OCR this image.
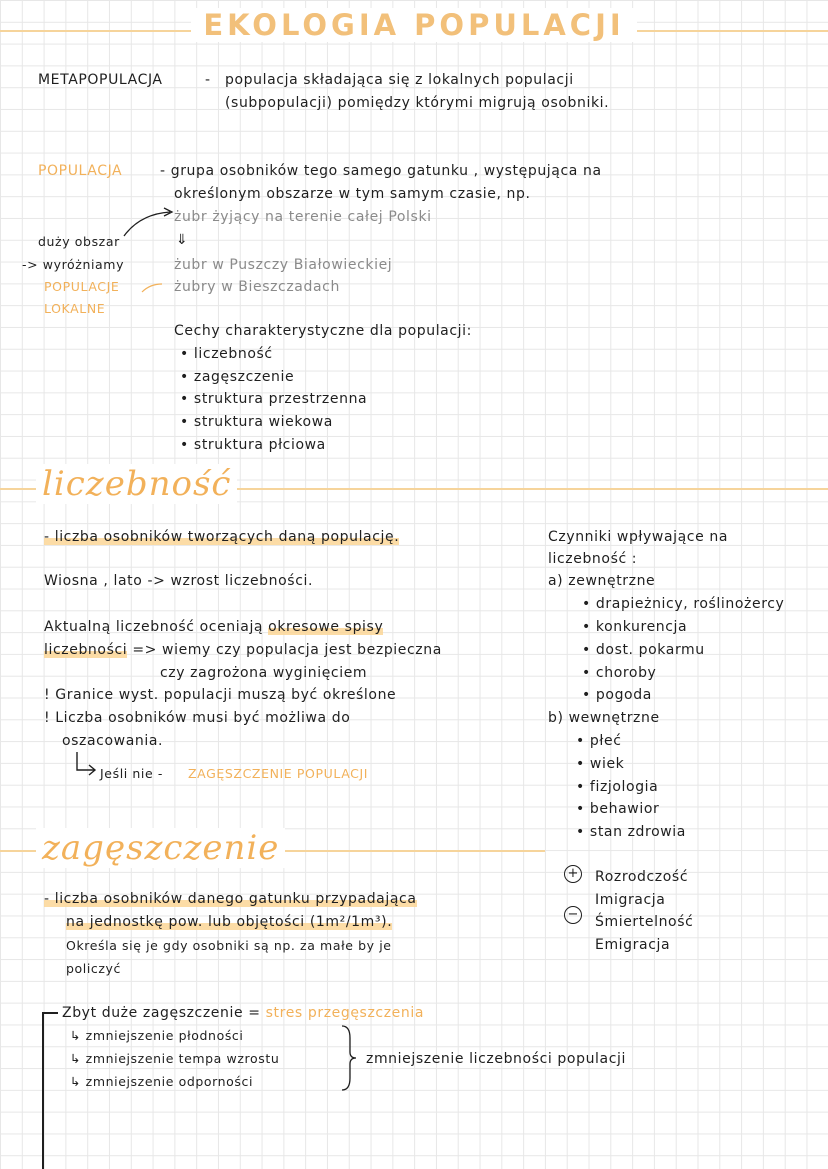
EKOLOGIA POPULACJI
METAPOPULACJA	- populacja składająca się z lokalnych populacji
(subpopulacji) pomiędzy którymi migrują osobniki.
POPULACJA	- grupa osobników tego samego gatunku , występująca na
określonym obszarze w tym samym czasie, np.
żubr żyjący na terenie całej Polski
⇓
duży obszar
-> wyróżniamy	żubr w Puszczy Białowieckiej
POPULACJE	żubry w Bieszczadach
LOKALNE
Cechy charakterystyczne dla populacji:
• liczebność
• zagęszczenie
• struktura przestrzenna
• struktura wiekowa
• struktura płciowa
liczebność
- liczba osobników tworzących daną populację.
Wiosna , lato -> wzrost liczebności.
Aktualną liczebność oceniają okresowe spisy
liczebności => wiemy czy populacja jest bezpieczna
czy zagrożona wyginięciem
! Granice wyst. populacji muszą być określone
! Liczba osobników musi być możliwa do
oszacowania.
Jeśli nie - ZAGĘSZCZENIE POPULACJI
Czynniki wpływające na
liczebność :
a) zewnętrzne
• drapieżnicy, roślinożercy
• konkurencja
• dost. pokarmu
• choroby
• pogoda
b) wewnętrzne
• płeć
• wiek
• fizjologia
• behawior
• stan zdrowia
+ Rozrodczość
Imigracja
− Śmiertelność
Emigracja
zagęszczenie
- liczba osobników danego gatunku przypadająca
na jednostkę pow. lub objętości (1m²/1m³).
Określa się je gdy osobniki są np. za małe by je
policzyć
Zbyt duże zagęszczenie = stres przegęszczenia
↳ zmniejszenie płodności
↳ zmniejszenie tempa wzrostu
↳ zmniejszenie odporności
zmniejszenie liczebności populacji
